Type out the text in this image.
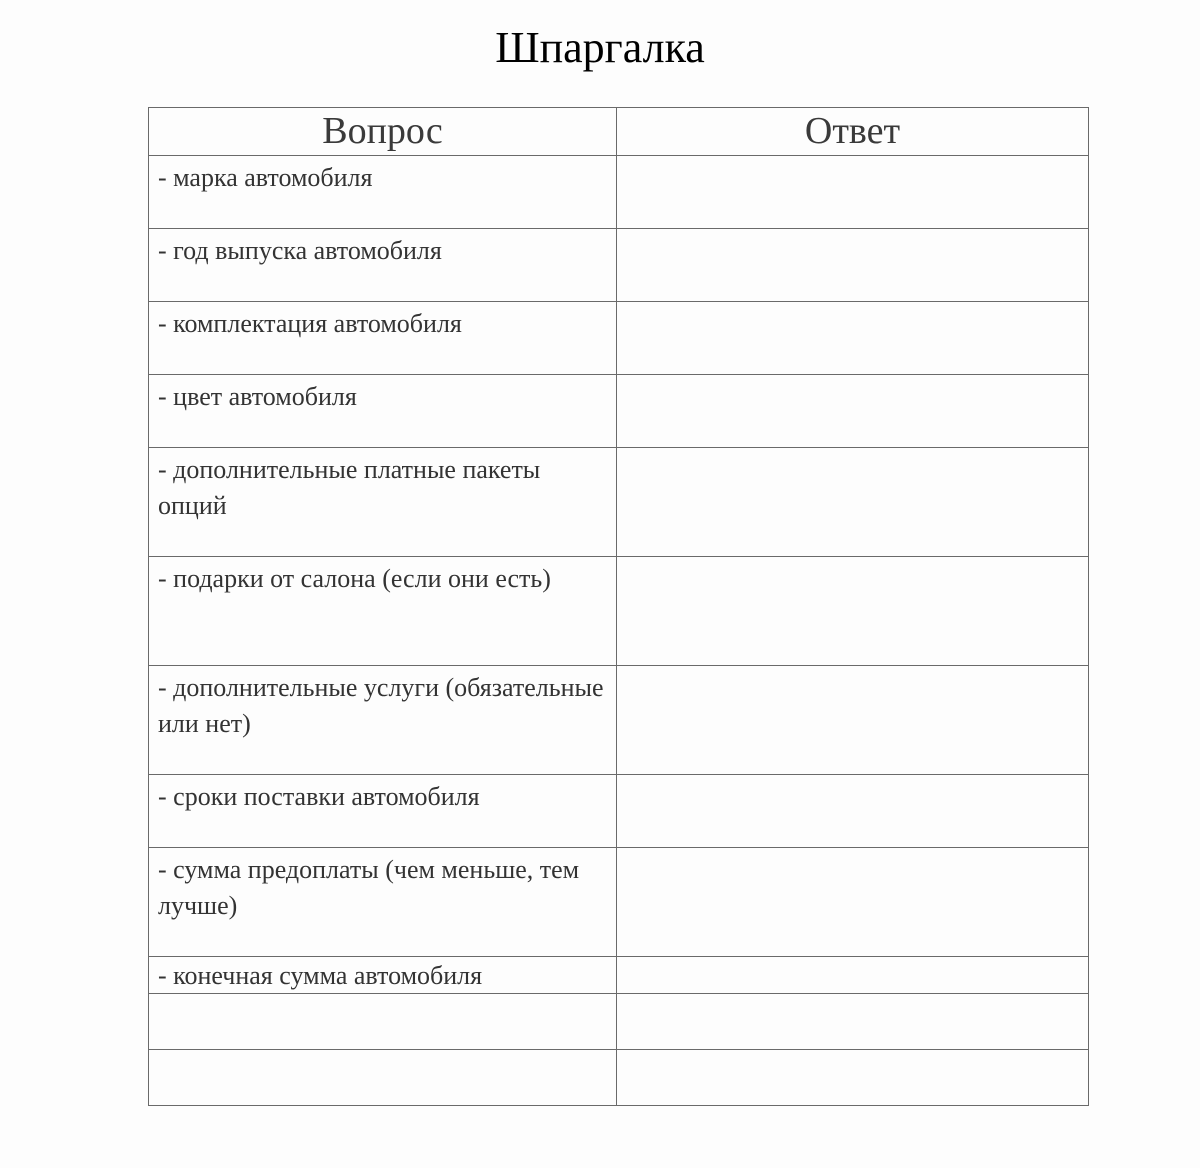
Шпаргалка
Вопрос	Ответ
- марка автомобиля	
- год выпуска автомобиля	
- комплектация автомобиля	
- цвет автомобиля	
- дополнительные платные пакеты опций	
- подарки от салона (если они есть)	
- дополнительные услуги (обязательные или нет)	
- сроки поставки автомобиля	
- сумма предоплаты (чем меньше, тем лучше)	
- конечная сумма автомобиля	
